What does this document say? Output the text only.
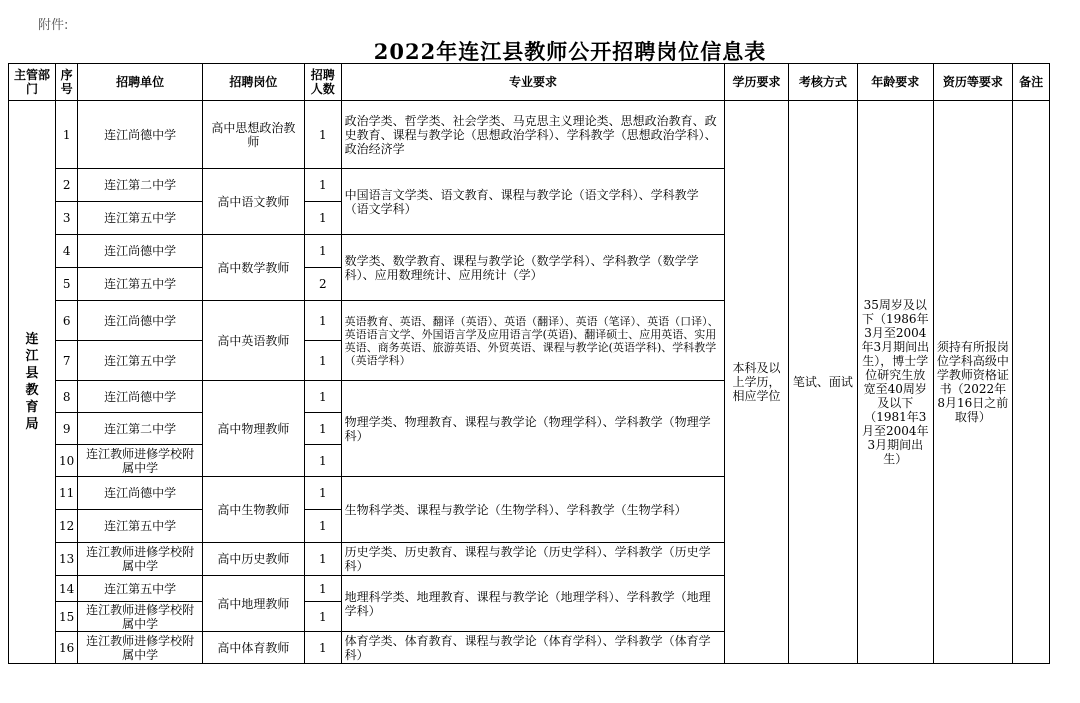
附件:
2022年连江县教师公开招聘岗位信息表
主管部门	序号	招聘单位	招聘岗位	招聘人数	专业要求	学历要求	考核方式	年龄要求	资历等要求	备注
连江县教育局	1	连江尚德中学	高中思想政治教师	1	政治学类、哲学类、社会学类、马克思主义理论类、思想政治教育、政史教育、课程与教学论（思想政治学科）、学科教学（思想政治学科）、政治经济学	本科及以上学历，相应学位	笔试、面试	35周岁及以下（1986年3月至2004年3月期间出生），博士学位研究生放宽至40周岁及以下（1981年3月至2004年3月期间出生）	须持有所报岗位学科高级中学教师资格证书（2022年8月16日之前取得）	
	2	连江第二中学	高中语文教师	1	中国语言文学类、语文教育、课程与教学论（语文学科）、学科教学（语文学科）					
	3	连江第五中学		1						
	4	连江尚德中学	高中数学教师	1	数学类、数学教育、课程与教学论（数学学科）、学科教学（数学学科）、应用数理统计、应用统计（学）					
	5	连江第五中学		2						
	6	连江尚德中学	高中英语教师	1	英语教育、英语、翻译（英语）、英语（翻译）、英语（笔译）、英语（口译）、英语语言文学、外国语言学及应用语言学(英语)、翻译硕士、应用英语、实用英语、商务英语、旅游英语、外贸英语、课程与教学论(英语学科)、学科教学（英语学科）					
	7	连江第五中学		1						
	8	连江尚德中学	高中物理教师	1	物理学类、物理教育、课程与教学论（物理学科）、学科教学（物理学科）					
	9	连江第二中学		1						
	10	连江教师进修学校附属中学		1						
	11	连江尚德中学	高中生物教师	1	生物科学类、课程与教学论（生物学科）、学科教学（生物学科）					
	12	连江第五中学		1						
	13	连江教师进修学校附属中学	高中历史教师	1	历史学类、历史教育、课程与教学论（历史学科）、学科教学（历史学科）					
	14	连江第五中学	高中地理教师	1	地理科学类、地理教育、课程与教学论（地理学科）、学科教学（地理学科）					
	15	连江教师进修学校附属中学		1						
	16	连江教师进修学校附属中学	高中体育教师	1	体育学类、体育教育、课程与教学论（体育学科）、学科教学（体育学科）					
